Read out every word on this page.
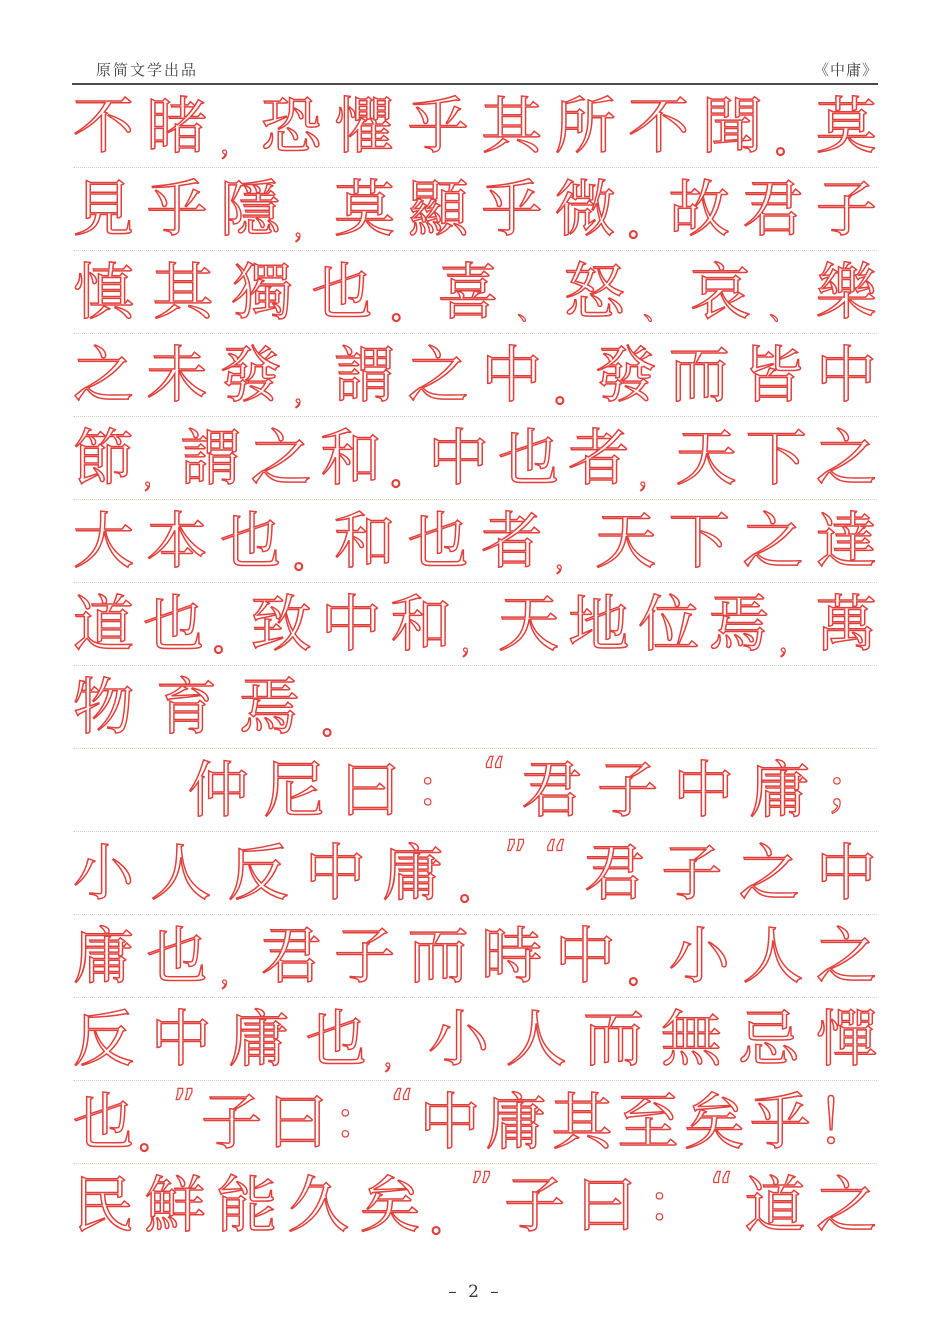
原简文学出品	《中庸》
不 睹 ， 恐 懼 乎 其 所 不 聞 。 莫
見 乎 隱 ， 莫 顯 乎 微 。 故 君 子
慎 其 獨 也 。 喜 、 怒 、 哀 、 樂
之 未 發 ， 謂 之 中 。 發 而 皆 中
節 ， 謂 之 和 。 中 也 者 ， 天 下 之
大 本 也 。 和 也 者 ， 天 下 之 達
道 也 。 致 中 和 ， 天 地 位 焉 ， 萬
物 育 焉 。
仲 尼 曰 ： “ 君 子 中 庸 ；
小 人 反 中 庸 。
” “ 君 子 之 中
庸 也 ， 君 子 而 時 中 。 小 人 之
反 中 庸 也 ， 小 人 而 無 忌 憚
也 。
” 子 曰 ： “ 中 庸 其 至 矣 乎 ！
民 鮮 能 久 矣 。
” 子 曰 ： “ 道 之
– 2 –
